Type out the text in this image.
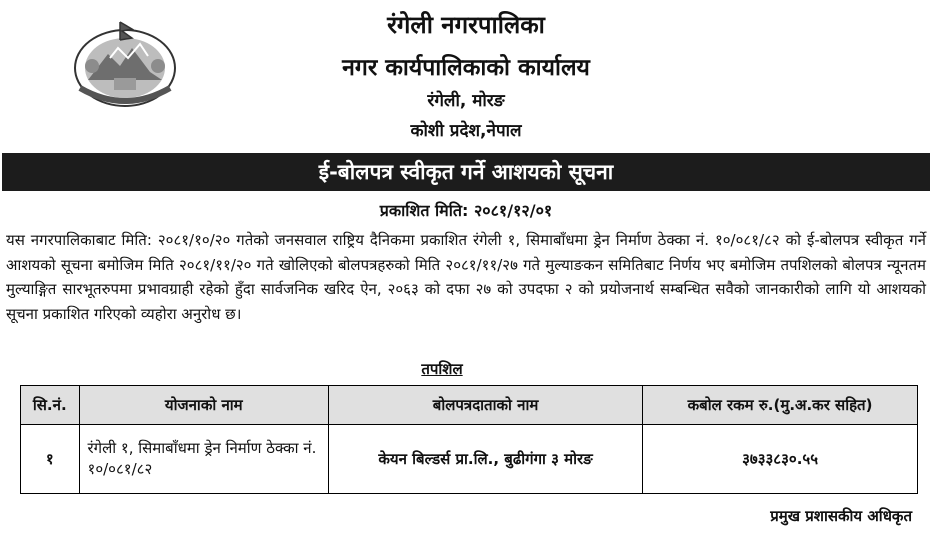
रंगेली नगरपालिका
नगर कार्यपालिकाको कार्यालय
रंगेली, मोरङ
कोशी प्रदेश,नेपाल
ई-बोलपत्र स्वीकृत गर्ने आशयको सूचना
प्रकाशित मिति: २०८१/१२/०१
यस नगरपालिकाबाट मिति: २०८१/१०/२० गतेको जनसवाल राष्ट्रिय दैनिकमा प्रकाशित रंगेली १, सिमाबाँधमा ड्रेन निर्माण ठेक्का नं. १०/०८१/८२ को ई-बोलपत्र स्वीकृत गर्ने आशयको सूचना बमोजिम मिति २०८१/११/२० गते खोलिएको बोलपत्रहरुको मिति २०८१/११/२७ गते मुल्याङकन समितिबाट निर्णय भए बमोजिम तपशिलको बोलपत्र न्यूनतम मुल्याङ्गित सारभूतरुपमा प्रभावग्राही रहेको हुँदा सार्वजनिक खरिद ऐन, २०६३ को दफा २७ को उपदफा २ को प्रयोजनार्थ सम्बन्धित सवैको जानकारीको लागि यो आशयको सूचना प्रकाशित गरिएको व्यहोरा अनुरोध छ।
तपशिल
सि.नं.	योजनाको नाम	बोलपत्रदाताको नाम	कबोल रकम रु.(मु.अ.कर सहित)
१	रंगेली १, सिमाबाँधमा ड्रेन निर्माण ठेक्का नं. १०/०८१/८२	केयन बिल्डर्स प्रा.लि., बुढीगंगा ३ मोरङ	३७३३८३०.५५
प्रमुख प्रशासकीय अधिकृत
